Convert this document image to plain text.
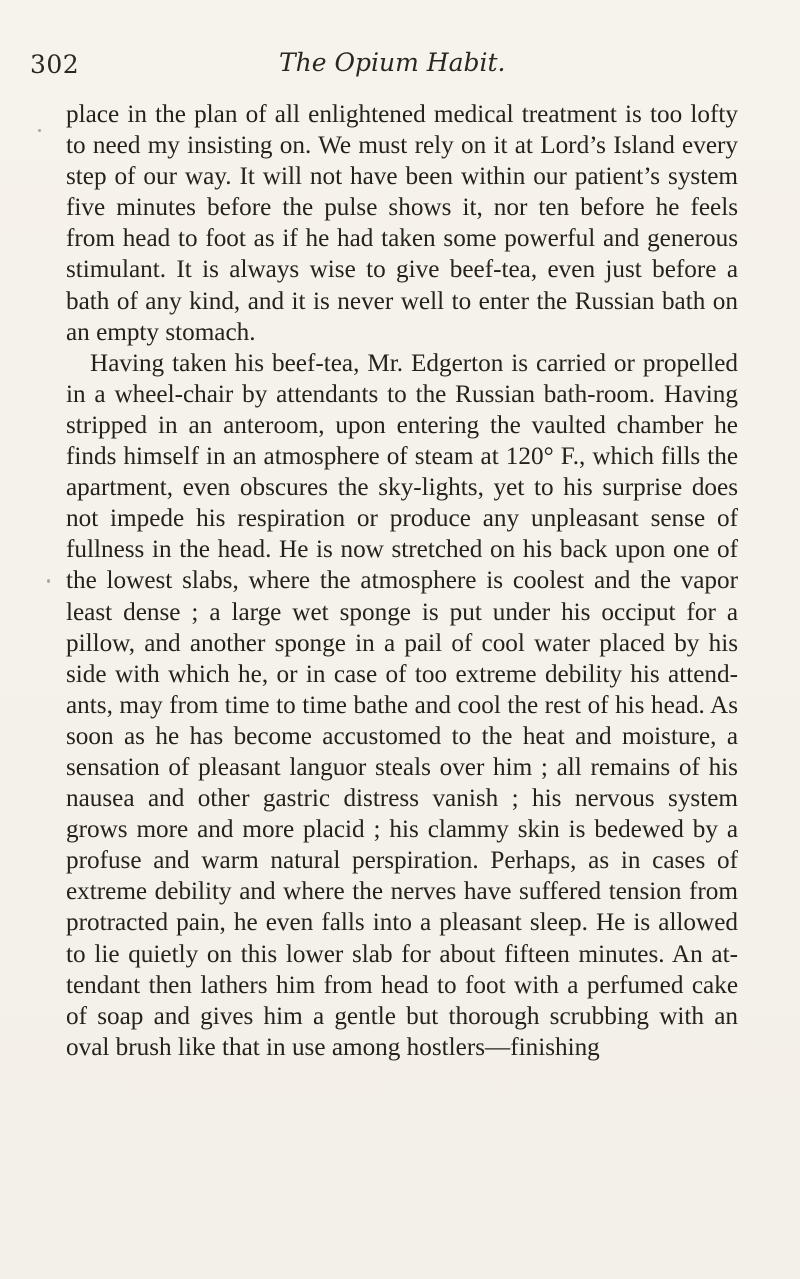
302	The Opium Habit.

place in the plan of all enlightened medical treatment is too lofty to need my insisting on. We must rely on it at Lord’s Island every step of our way. It will not have been within our patient’s system five minutes before the pulse shows it, nor ten before he feels from head to foot as if he had taken some powerful and generous stimulant. It is always wise to give beef-tea, even just before a bath of any kind, and it is never well to enter the Russian bath on an empty stomach.

Having taken his beef-tea, Mr. Edgerton is carried or propelled in a wheel-chair by attendants to the Russian bath-room. Having stripped in an anteroom, upon entering the vaulted chamber he finds himself in an atmosphere of steam at 120° F., which fills the apartment, even obscures the sky-lights, yet to his surprise does not impede his respiration or produce any unpleasant sense of fullness in the head. He is now stretched on his back upon one of the lowest slabs, where the atmosphere is coolest and the vapor least dense ; a large wet sponge is put under his occiput for a pillow, and another sponge in a pail of cool water placed by his side with which he, or in case of too extreme debility his attend-ants, may from time to time bathe and cool the rest of his head. As soon as he has become accustomed to the heat and moisture, a sensation of pleasant languor steals over him ; all remains of his nausea and other gastric distress vanish ; his nervous system grows more and more placid ; his clammy skin is bedewed by a profuse and warm natural perspiration. Perhaps, as in cases of extreme debility and where the nerves have suffered tension from protracted pain, he even falls into a pleasant sleep. He is allowed to lie quietly on this lower slab for about fifteen minutes. An at-tendant then lathers him from head to foot with a perfumed cake of soap and gives him a gentle but thorough scrubbing with an oval brush like that in use among hostlers—finishing
